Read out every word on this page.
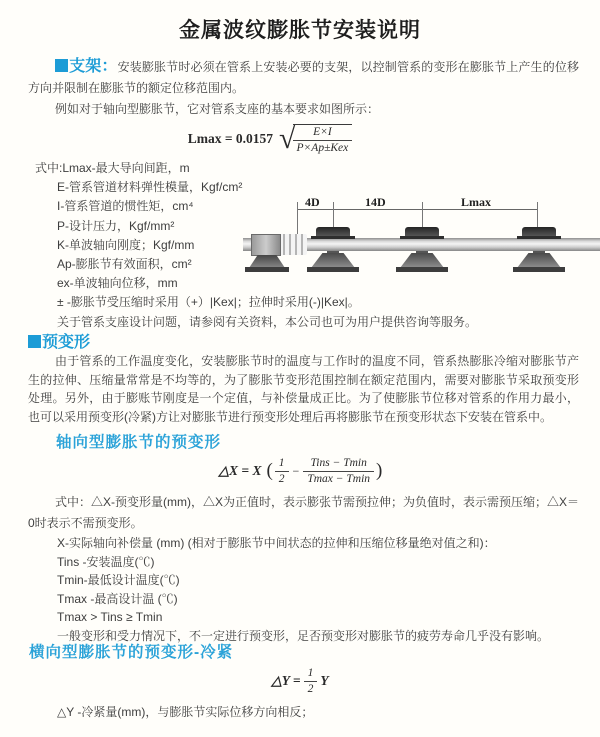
金属波纹膨胀节安装说明
支架：安装膨胀节时必须在管系上安装必要的支架，以控制管系的变形在膨胀节上产生的位移方向并限制在膨胀节的额定位移范围内。
例如对于轴向型膨胀节，它对管系支座的基本要求如图所示：
Lmax = 0.0157 √
$\frac{E\times I}{\text{P×Ap±Kex}}$
式中:Lmax-最大导向间距，m
E-管系管道材料弹性模量，Kgf/cm²
I-管系管道的惯性矩，cm⁴
P-设计压力，Kgf/mm²
K-单波轴向刚度；Kgf/mm
Ap-膨胀节有效面积，cm²
ex-单波轴向位移，mm
± -膨胀节受压缩时采用（+）|Kex|；拉伸时采用(-)|Kex|。
关于管系支座设计问题，请参阅有关资料，本公司也可为用户提供咨询等服务。
4D	14D	Lmax
预变形
由于管系的工作温度变化，安装膨胀节时的温度与工作时的温度不同，管系热膨胀冷缩对膨胀节产生的拉伸、压缩量常常是不均等的，为了膨胀节变形范围控制在额定范围内，需要对膨胀节采取预变形处理。另外，由于膨账节刚度是一个定值，与补偿量成正比。为了使膨胀节位移对管系的作用力最小，也可以采用预变形(冷紧)方让对膨胀节进行预变形处理后再将膨胀节在预变形状态下安装在管系中。
轴向型膨胀节的预变形
△X = X ( $\frac{1}{2} - \frac{\text{Tins − Tmin}}{Tmax - Tmin}$ )
式中：△X-预变形量(mm)，△X为正值时，表示膨张节需预拉伸；为负值时，表示需预压缩；△X＝0时表示不需预变形。
X-实际轴向补偿量 (mm) (相对于膨胀节中间状态的拉伸和压缩位移量绝对值之和)：
Tins -安装温度(℃)
Tmin-最低设计温度(℃)
Tmax -最高设计温 (℃)
Tmax > Tins ≥ Tmin
一般变形和受力情况下，不一定进行预变形，足否预变形对膨胀节的疲劳寿命几乎没有影响。
横向型膨胀节的预变形-冷紧
△Y = $\frac{1}{2}$ Y
△Y -冷紧量(mm)，与膨胀节实际位移方向相反；
